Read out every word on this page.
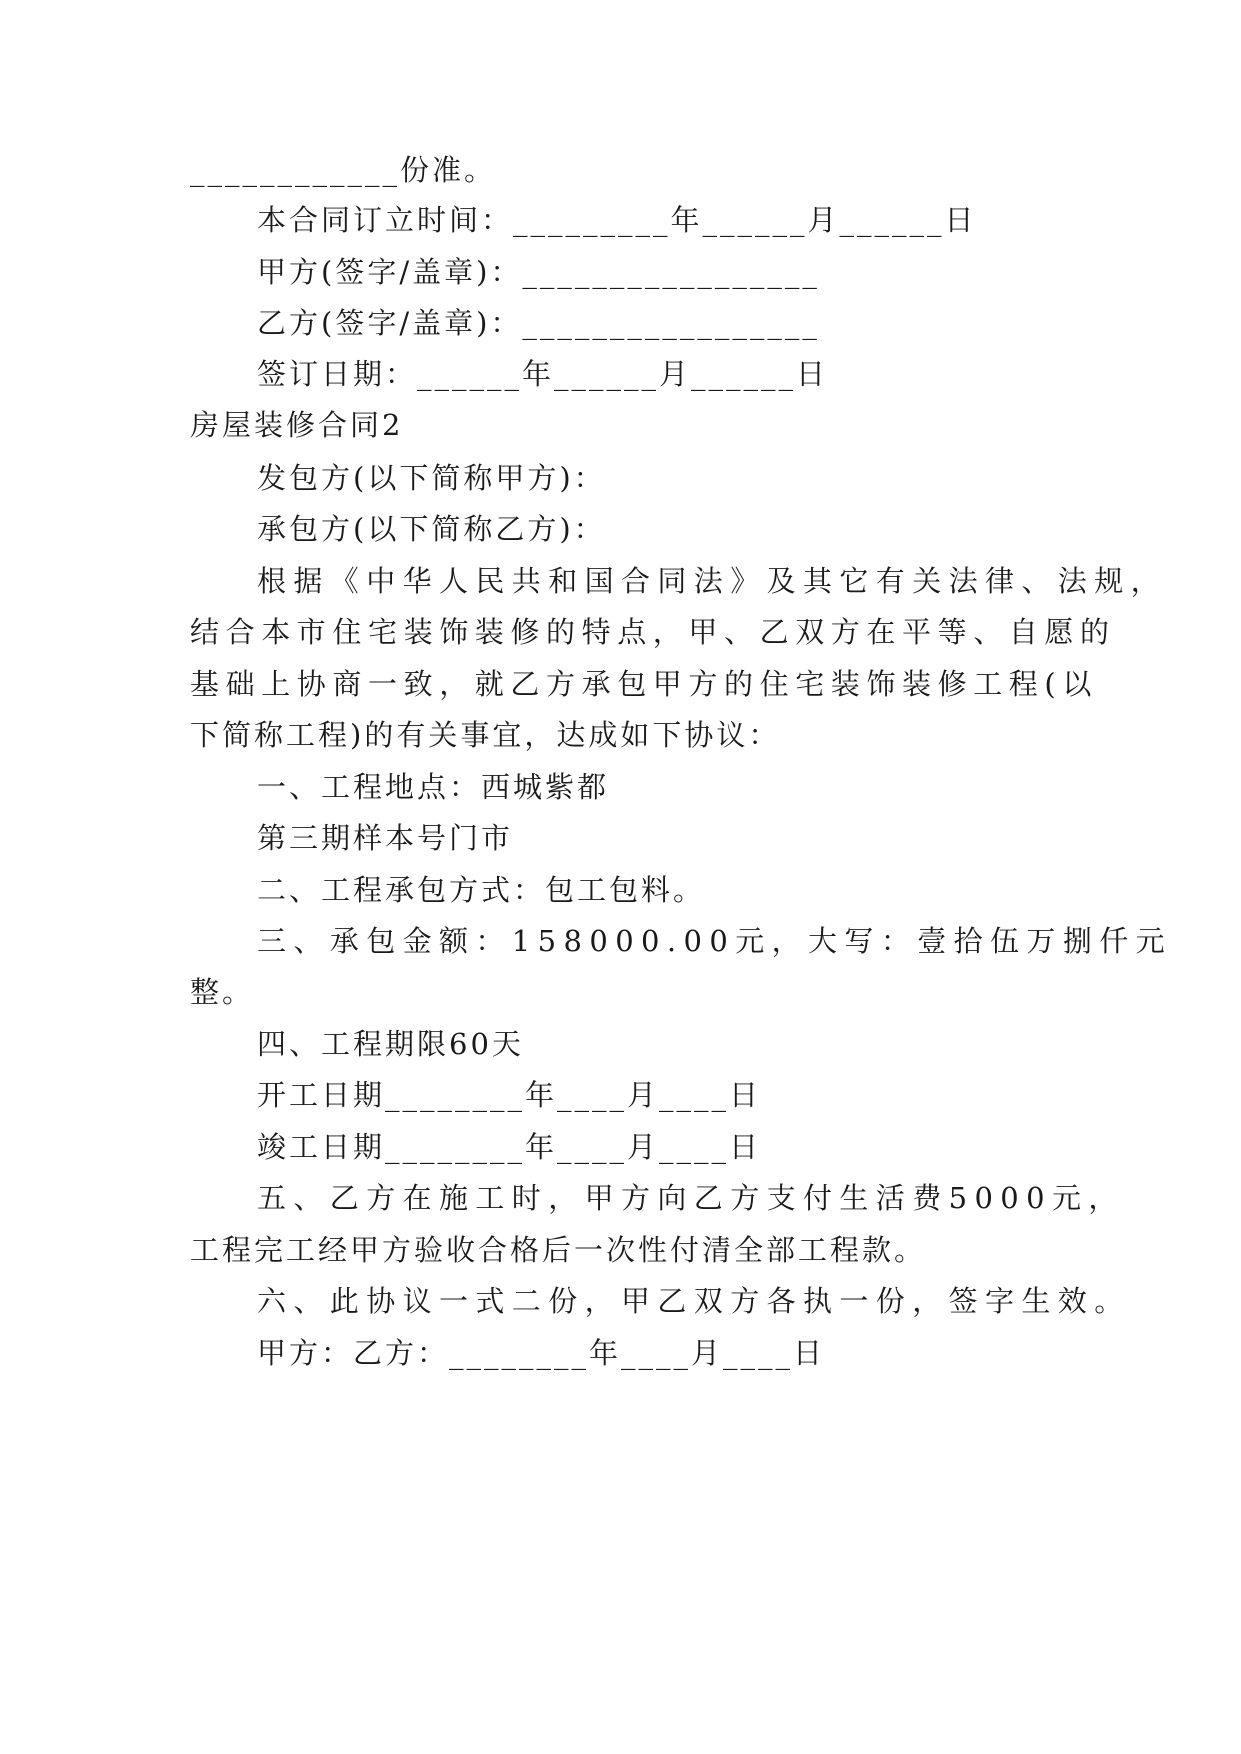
____________份准。
本合同订立时间：_________年______月______日
甲方(签字/盖章)：_________________
乙方(签字/盖章)：_________________
签订日期：______年______月______日
房屋装修合同2
发包方(以下简称甲方)：
承包方(以下简称乙方)：
根据《中华人民共和国合同法》及其它有关法律、法规，
结合本市住宅装饰装修的特点，甲、乙双方在平等、自愿的
基础上协商一致，就乙方承包甲方的住宅装饰装修工程(以
下简称工程)的有关事宜，达成如下协议：
一、工程地点：西城紫都
第三期样本号门市
二、工程承包方式：包工包料。
三、承包金额：158000.00元，大写：壹拾伍万捌仟元
整。
四、工程期限60天
开工日期________年____月____日
竣工日期________年____月____日
五、乙方在施工时，甲方向乙方支付生活费5000元，
工程完工经甲方验收合格后一次性付清全部工程款。
六、此协议一式二份，甲乙双方各执一份，签字生效。
甲方：乙方：________年____月____日
